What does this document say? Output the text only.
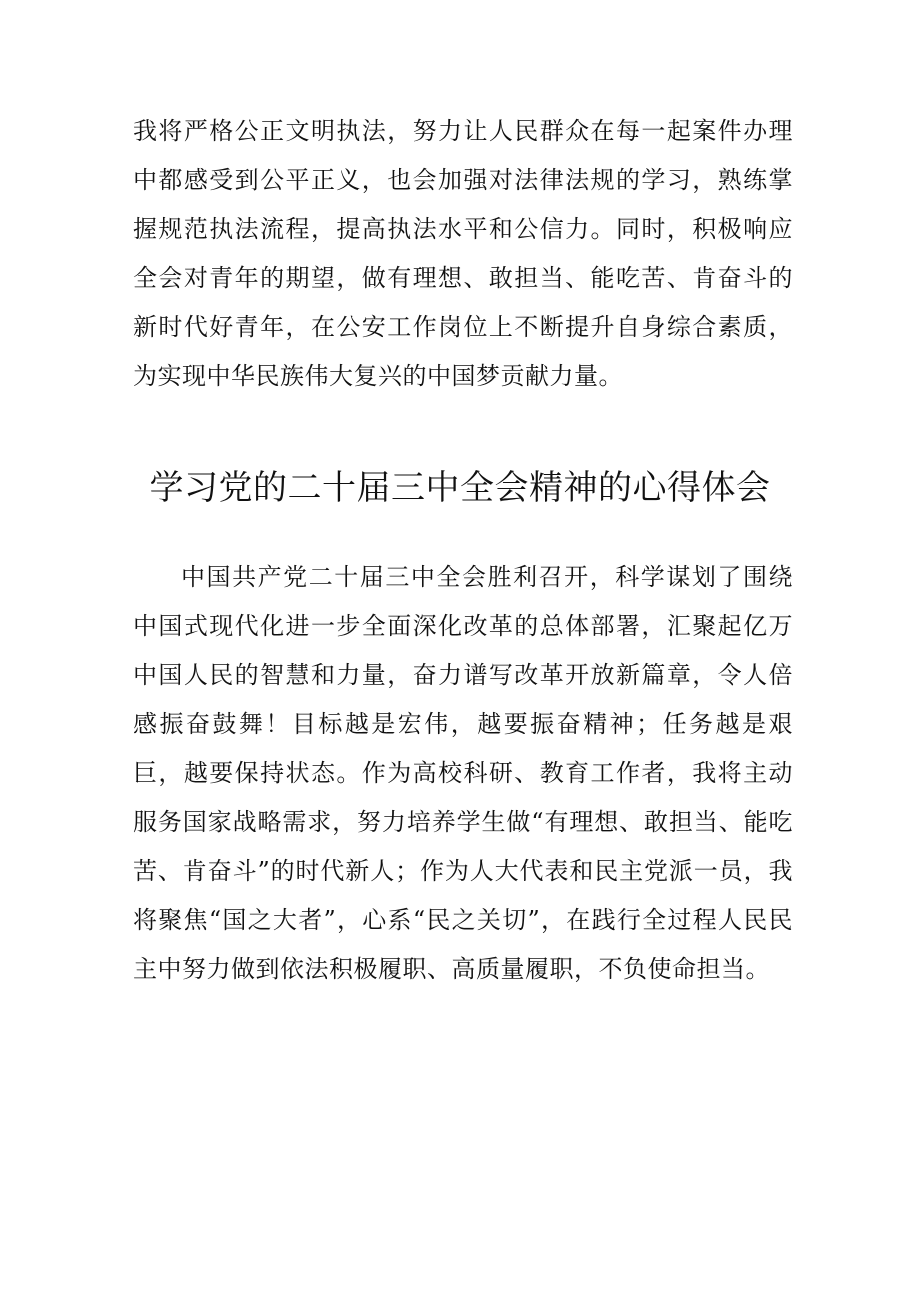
我将严格公正文明执法，努力让人民群众在每一起案件办理中都感受到公平正义，也会加强对法律法规的学习，熟练掌握规范执法流程，提高执法水平和公信力。同时，积极响应全会对青年的期望，做有理想、敢担当、能吃苦、肯奋斗的新时代好青年，在公安工作岗位上不断提升自身综合素质，为实现中华民族伟大复兴的中国梦贡献力量。

学习党的二十届三中全会精神的心得体会

中国共产党二十届三中全会胜利召开，科学谋划了围绕中国式现代化进一步全面深化改革的总体部署，汇聚起亿万中国人民的智慧和力量，奋力谱写改革开放新篇章，令人倍感振奋鼓舞！目标越是宏伟，越要振奋精神；任务越是艰巨，越要保持状态。作为高校科研、教育工作者，我将主动服务国家战略需求，努力培养学生做“有理想、敢担当、能吃苦、肯奋斗”的时代新人；作为人大代表和民主党派一员，我将聚焦“国之大者”，心系“民之关切”，在践行全过程人民民主中努力做到依法积极履职、高质量履职，不负使命担当。
